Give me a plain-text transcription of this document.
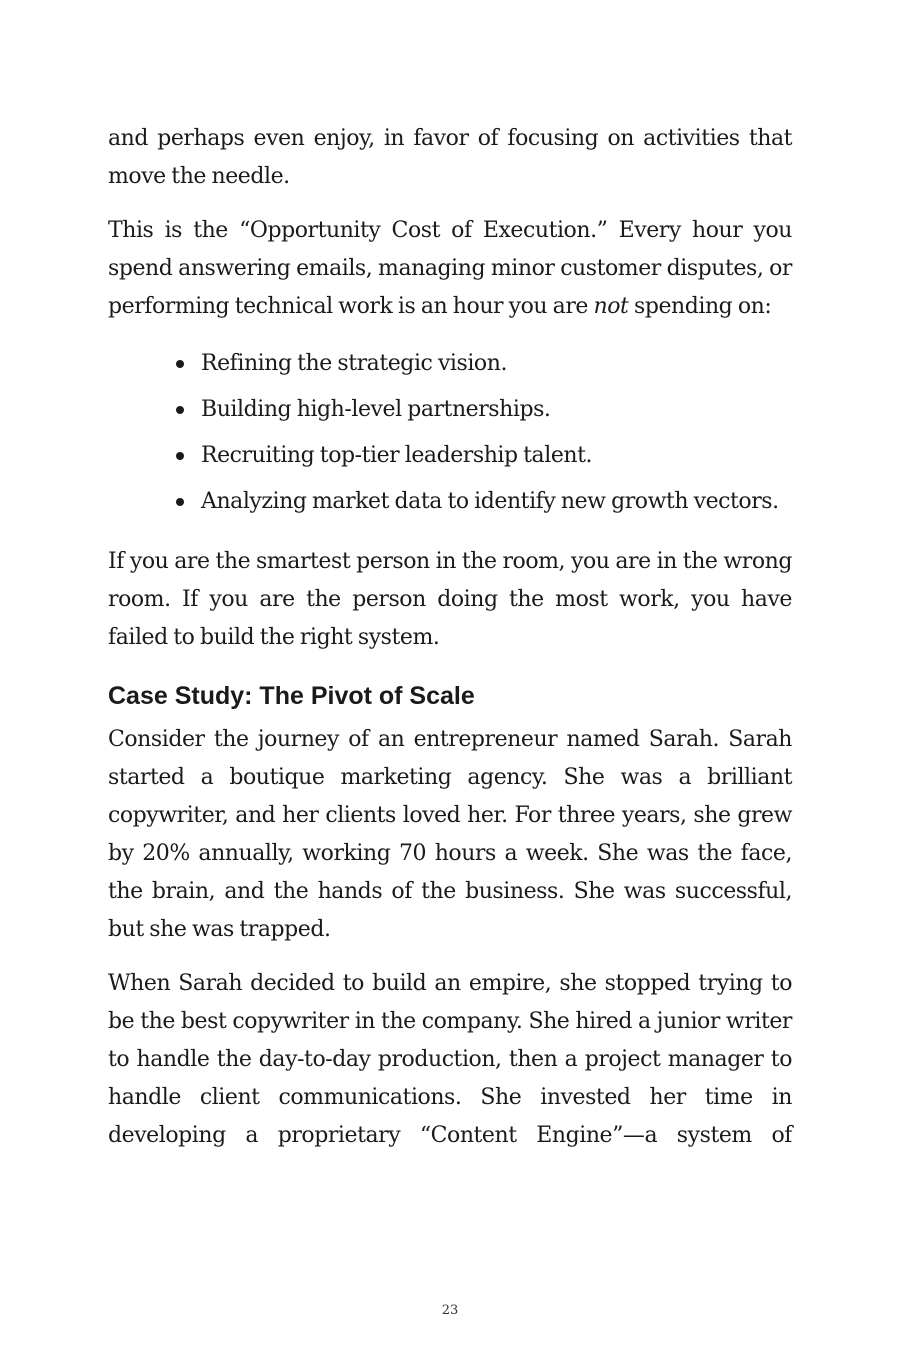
and perhaps even enjoy, in favor of focusing on activities that move the needle.

This is the “Opportunity Cost of Execution.” Every hour you spend answering emails, managing minor customer disputes, or performing technical work is an hour you are not spending on:

Refining the strategic vision.
Building high-level partnerships.
Recruiting top-tier leadership talent.
Analyzing market data to identify new growth vectors.

If you are the smartest person in the room, you are in the wrong room. If you are the person doing the most work, you have failed to build the right system.

Case Study: The Pivot of Scale

Consider the journey of an entrepreneur named Sarah. Sarah started a boutique marketing agency. She was a brilliant copywriter, and her clients loved her. For three years, she grew by 20% annually, working 70 hours a week. She was the face, the brain, and the hands of the business. She was successful, but she was trapped.

When Sarah decided to build an empire, she stopped trying to be the best copywriter in the company. She hired a junior writer to handle the day-to-day production, then a project manager to handle client communications. She invested her time in developing a proprietary “Content Engine”—a system of

23
